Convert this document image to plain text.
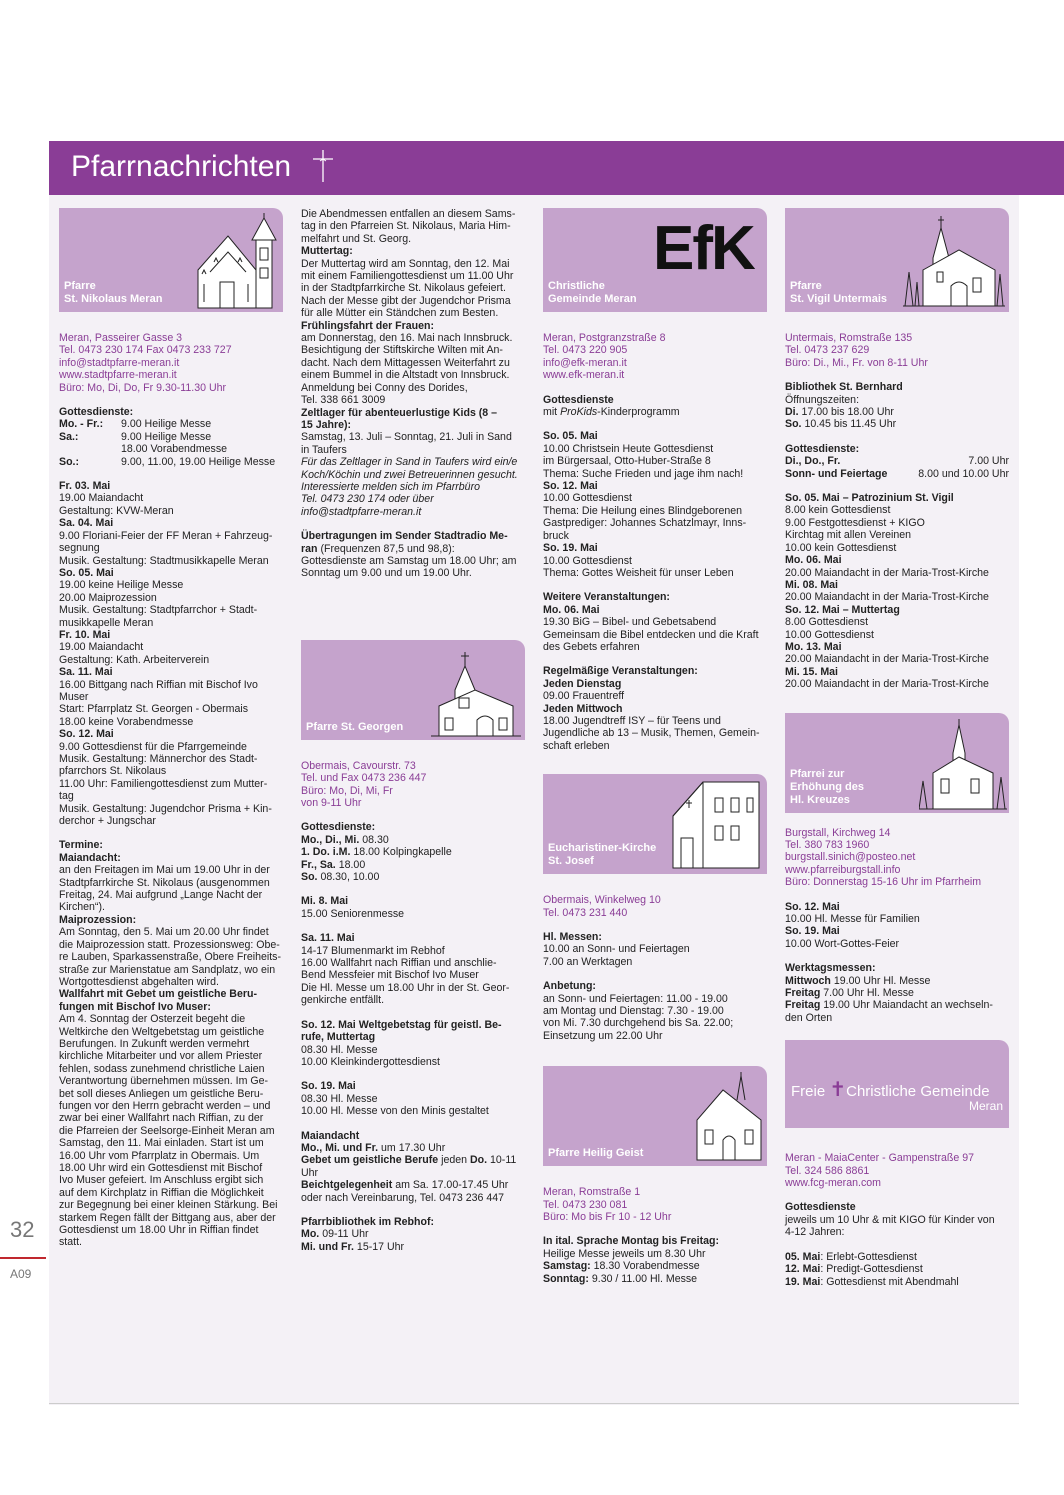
Pfarrnachrichten
Pfarre
St. Nikolaus Meran
Meran, Passeirer Gasse 3
Tel. 0473 230 174 Fax 0473 233 727
info@stadtpfarre-meran.it
www.stadtpfarre-meran.it
Büro: Mo, Di, Do, Fr 9.30-11.30 Uhr
Gottesdienste:
Mo. - Fr.:	9.00 Heilige Messe
Sa.:	9.00 Heilige Messe
18.00 Vorabendmesse
So.:	9.00, 11.00, 19.00 Heilige Messe
Fr. 03. Mai
19.00 Maiandacht
Gestaltung: KVW-Meran
Sa. 04. Mai
9.00 Floriani-Feier der FF Meran + Fahrzeug-
segnung
Musik. Gestaltung: Stadtmusikkapelle Meran
So. 05. Mai
19.00 keine Heilige Messe
20.00 Maiprozession
Musik. Gestaltung: Stadtpfarrchor + Stadt-
musikkapelle Meran
Fr. 10. Mai
19.00 Maiandacht
Gestaltung: Kath. Arbeiterverein
Sa. 11. Mai
16.00 Bittgang nach Riffian mit Bischof Ivo
Muser
Start: Pfarrplatz St. Georgen - Obermais
18.00 keine Vorabendmesse
So. 12. Mai
9.00 Gottesdienst für die Pfarrgemeinde
Musik. Gestaltung: Männerchor des Stadt-
pfarrchors St. Nikolaus
11.00 Uhr: Familiengottesdienst zum Mutter-
tag
Musik. Gestaltung: Jugendchor Prisma + Kin-
derchor + Jungschar
Termine:
Maiandacht:
an den Freitagen im Mai um 19.00 Uhr in der
Stadtpfarrkirche St. Nikolaus (ausgenommen
Freitag, 24. Mai aufgrund „Lange Nacht der
Kirchen“).
Maiprozession:
Am Sonntag, den 5. Mai um 20.00 Uhr findet
die Maiprozession statt. Prozessionsweg: Obe-
re Lauben, Sparkassenstraße, Obere Freiheits-
straße zur Marienstatue am Sandplatz, wo ein
Wortgottesdienst abgehalten wird.
Wallfahrt mit Gebet um geistliche Beru-
fungen mit Bischof Ivo Muser:
Am 4. Sonntag der Osterzeit begeht die
Weltkirche den Weltgebetstag um geistliche
Berufungen. In Zukunft werden vermehrt
kirchliche Mitarbeiter und vor allem Priester
fehlen, sodass zunehmend christliche Laien
Verantwortung übernehmen müssen. Im Ge-
bet soll dieses Anliegen um geistliche Beru-
fungen vor den Herrn gebracht werden – und
zwar bei einer Wallfahrt nach Riffian, zu der
die Pfarreien der Seelsorge-Einheit Meran am
Samstag, den 11. Mai einladen. Start ist um
16.00 Uhr vom Pfarrplatz in Obermais. Um
18.00 Uhr wird ein Gottesdienst mit Bischof
Ivo Muser gefeiert. Im Anschluss ergibt sich
auf dem Kirchplatz in Riffian die Möglichkeit
zur Begegnung bei einer kleinen Stärkung. Bei
starkem Regen fällt der Bittgang aus, aber der
Gottesdienst um 18.00 Uhr in Riffian findet
statt.
Die Abendmessen entfallen an diesem Sams-
tag in den Pfarreien St. Nikolaus, Maria Him-
melfahrt und St. Georg.
Muttertag:
Der Muttertag wird am Sonntag, den 12. Mai
mit einem Familiengottesdienst um 11.00 Uhr
in der Stadtpfarrkirche St. Nikolaus gefeiert.
Nach der Messe gibt der Jugendchor Prisma
für alle Mütter ein Ständchen zum Besten.
Frühlingsfahrt der Frauen:
am Donnerstag, den 16. Mai nach Innsbruck.
Besichtigung der Stiftskirche Wilten mit An-
dacht. Nach dem Mittagessen Weiterfahrt zu
einem Bummel in die Altstadt von Innsbruck.
Anmeldung bei Conny des Dorides,
Tel. 338 661 3009
Zeltlager für abenteuerlustige Kids (8 –
15 Jahre):
Samstag, 13. Juli – Sonntag, 21. Juli in Sand
in Taufers
Für das Zeltlager in Sand in Taufers wird ein/e
Koch/Köchin und zwei Betreuerinnen gesucht.
Interessierte melden sich im Pfarrbüro
Tel. 0473 230 174 oder über
info@stadtpfarre-meran.it
Übertragungen im Sender Stadtradio Me-
ran (Frequenzen 87,5 und 98,8):
Gottesdienste am Samstag um 18.00 Uhr; am
Sonntag um 9.00 und um 19.00 Uhr.
Pfarre St. Georgen
Obermais, Cavourstr. 73
Tel. und Fax 0473 236 447
Büro: Mo, Di, Mi, Fr
von 9-11 Uhr
Gottesdienste:
Mo., Di., Mi. 08.30
1. Do. i.M. 18.00 Kolpingkapelle
Fr., Sa. 18.00
So. 08.30, 10.00
Mi. 8. Mai
15.00 Seniorenmesse
Sa. 11. Mai
14-17 Blumenmarkt im Rebhof
16.00 Wallfahrt nach Riffian und anschlie-
Bend Messfeier mit Bischof Ivo Muser
Die Hl. Messe um 18.00 Uhr in der St. Geor-
genkirche entfällt.
So. 12. Mai Weltgebetstag für geistl. Be-
rufe, Muttertag
08.30 Hl. Messe
10.00 Kleinkindergottesdienst
So. 19. Mai
08.30 Hl. Messe
10.00 Hl. Messe von den Minis gestaltet
Maiandacht
Mo., Mi. und Fr. um 17.30 Uhr
Gebet um geistliche Berufe jeden Do. 10-11 Uhr
Beichtgelegenheit am Sa. 17.00-17.45 Uhr oder nach Vereinbarung, Tel. 0473 236 447
Pfarrbibliothek im Rebhof:
Mo. 09-11 Uhr
Mi. und Fr. 15-17 Uhr
EfK
Christliche
Gemeinde Meran
Meran, Postgranzstraße 8
Tel. 0473 220 905
info@efk-meran.it
www.efk-meran.it
Gottesdienste
mit ProKids-Kinderprogramm
So. 05. Mai
10.00 Christsein Heute Gottesdienst
im Bürgersaal, Otto-Huber-Straße 8
Thema: Suche Frieden und jage ihm nach!
So. 12. Mai
10.00 Gottesdienst
Thema: Die Heilung eines Blindgeborenen
Gastprediger: Johannes Schatzlmayr, Inns-
bruck
So. 19. Mai
10.00 Gottesdienst
Thema: Gottes Weisheit für unser Leben
Weitere Veranstaltungen:
Mo. 06. Mai
19.30 BiG – Bibel- und Gebetsabend
Gemeinsam die Bibel entdecken und die Kraft
des Gebets erfahren
Regelmäßige Veranstaltungen:
Jeden Dienstag
09.00 Frauentreff
Jeden Mittwoch
18.00 Jugendtreff ISY – für Teens und
Jugendliche ab 13 – Musik, Themen, Gemein-
schaft erleben
Eucharistiner-Kirche
St. Josef
Obermais, Winkelweg 10
Tel. 0473 231 440
Hl. Messen:
10.00 an Sonn- und Feiertagen
7.00 an Werktagen
Anbetung:
an Sonn- und Feiertagen: 11.00 - 19.00
am Montag und Dienstag: 7.30 - 19.00
von Mi. 7.30 durchgehend bis Sa. 22.00;
Einsetzung um 22.00 Uhr
Pfarre Heilig Geist
Meran, Romstraße 1
Tel. 0473 230 081
Büro: Mo bis Fr 10 - 12 Uhr
In ital. Sprache Montag bis Freitag:
Heilige Messe jeweils um 8.30 Uhr
Samstag: 18.30 Vorabendmesse
Sonntag: 9.30 / 11.00 Hl. Messe
Pfarre
St. Vigil Untermais
Untermais, Romstraße 135
Tel. 0473 237 629
Büro: Di., Mi., Fr. von 8-11 Uhr
Bibliothek St. Bernhard
Öffnungszeiten:
Di. 17.00 bis 18.00 Uhr
So. 10.45 bis 11.45 Uhr
Gottesdienste:
Di., Do., Fr.	7.00 Uhr
Sonn- und Feiertage	8.00 und 10.00 Uhr
So. 05. Mai – Patrozinium St. Vigil
8.00 kein Gottesdienst
9.00 Festgottesdienst + KIGO
Kirchtag mit allen Vereinen
10.00 kein Gottesdienst
Mo. 06. Mai
20.00 Maiandacht in der Maria-Trost-Kirche
Mi. 08. Mai
20.00 Maiandacht in der Maria-Trost-Kirche
So. 12. Mai – Muttertag
8.00 Gottesdienst
10.00 Gottesdienst
Mo. 13. Mai
20.00 Maiandacht in der Maria-Trost-Kirche
Mi. 15. Mai
20.00 Maiandacht in der Maria-Trost-Kirche
Pfarrei zur
Erhöhung des
Hl. Kreuzes
Burgstall, Kirchweg 14
Tel. 380 783 1960
burgstall.sinich@posteo.net
www.pfarreiburgstall.info
Büro: Donnerstag 15-16 Uhr im Pfarrheim
So. 12. Mai
10.00 Hl. Messe für Familien
So. 19. Mai
10.00 Wort-Gottes-Feier
Werktagsmessen:
Mittwoch 19.00 Uhr Hl. Messe
Freitag 7.00 Uhr Hl. Messe
Freitag 19.00 Uhr Maiandacht an wechseln-
den Orten
Freie ✝Christliche Gemeinde
Meran
Meran - MaiaCenter - Gampenstraße 97
Tel. 324 586 8861
www.fcg-meran.com
Gottesdienste
jeweils um 10 Uhr & mit KIGO für Kinder von
4-12 Jahren:
05. Mai: Erlebt-Gottesdienst
12. Mai: Predigt-Gottesdienst
19. Mai: Gottesdienst mit Abendmahl
32
A09
